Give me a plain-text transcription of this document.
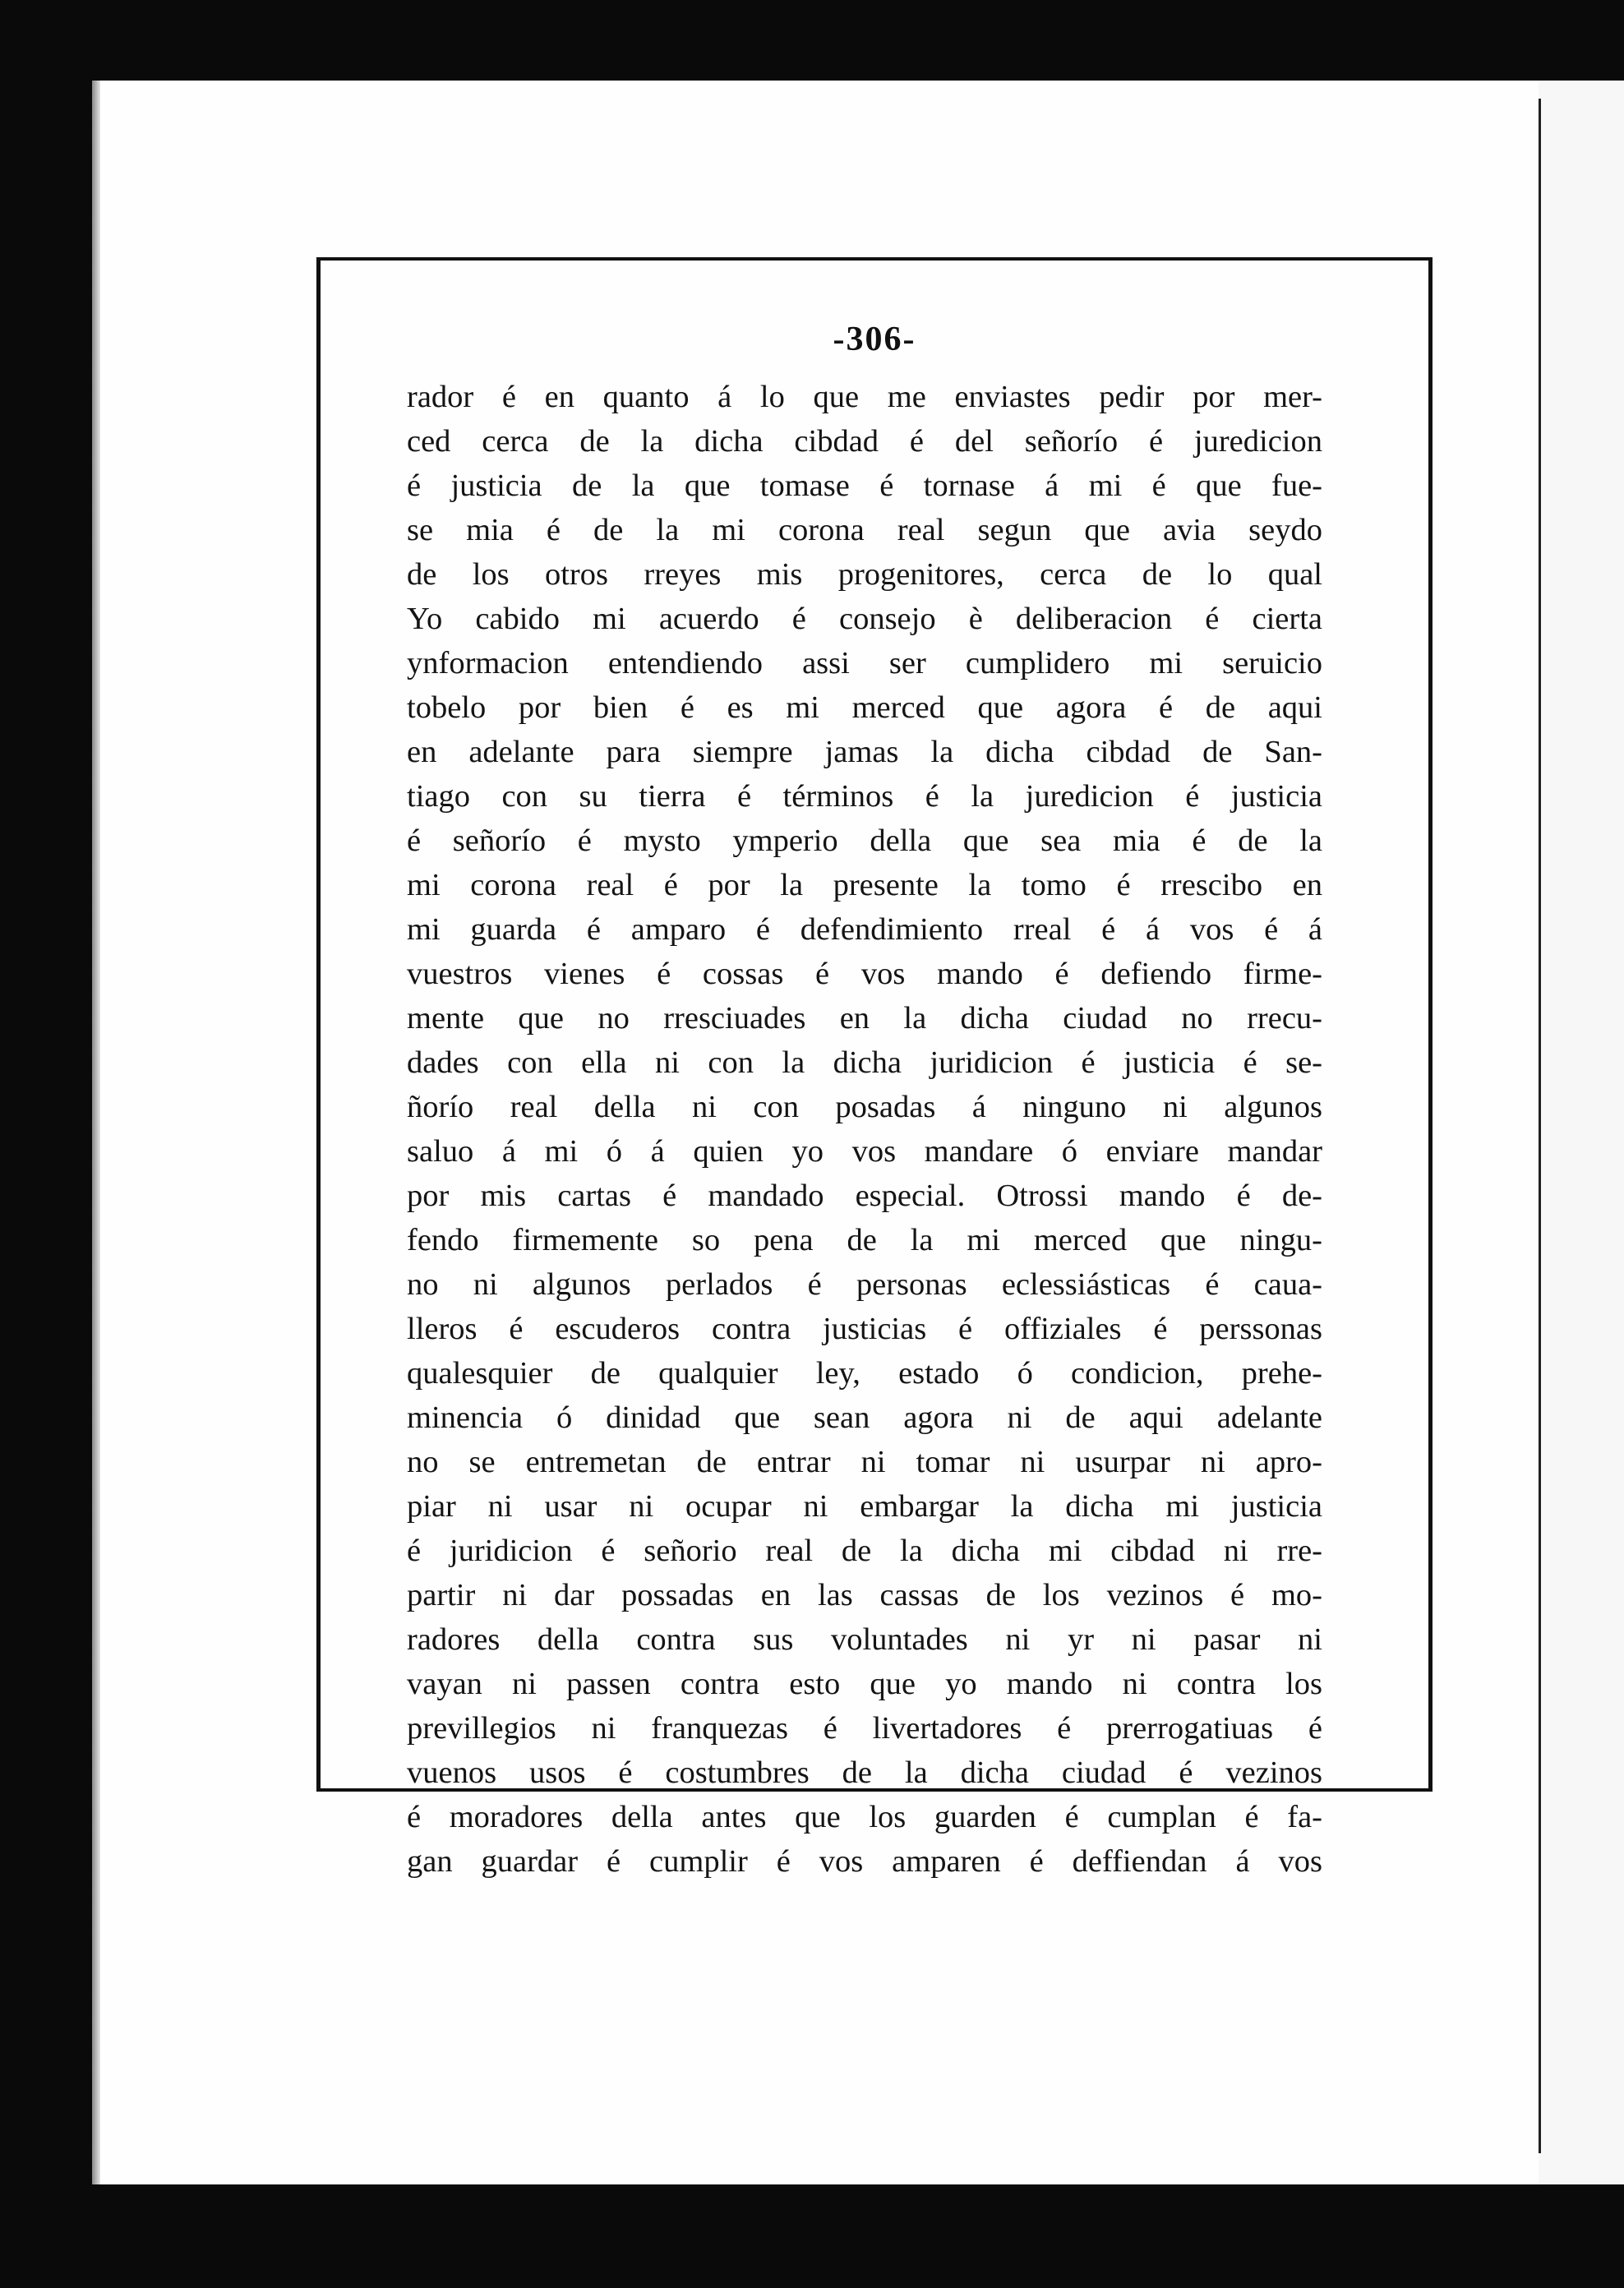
-306-
rador é en quanto á lo que me enviastes pedir por mer-
ced cerca de la dicha cibdad é del señorío é juredicion
é justicia de la que tomase é tornase á mi é que fue-
se mia é de la mi corona real segun que avia seydo
de los otros rreyes mis progenitores, cerca de lo qual
Yo cabido mi acuerdo é consejo è deliberacion é cierta
ynformacion entendiendo assi ser cumplidero mi seruicio
tobelo por bien é es mi merced que agora é de aqui
en adelante para siempre jamas la dicha cibdad de San-
tiago con su tierra é términos é la juredicion é justicia
é señorío é mysto ymperio della que sea mia é de la
mi corona real é por la presente la tomo é rrescibo en
mi guarda é amparo é defendimiento rreal é á vos é á
vuestros vienes é cossas é vos mando é defiendo firme-
mente que no rresciuades en la dicha ciudad no rrecu-
dades con ella ni con la dicha juridicion é justicia é se-
ñorío real della ni con posadas á ninguno ni algunos
saluo á mi ó á quien yo vos mandare ó enviare mandar
por mis cartas é mandado especial. Otrossi mando é de-
fendo firmemente so pena de la mi merced que ningu-
no ni algunos perlados é personas eclessiásticas é caua-
lleros é escuderos contra justicias é offiziales é perssonas
qualesquier de qualquier ley, estado ó condicion, prehe-
minencia ó dinidad que sean agora ni de aqui adelante
no se entremetan de entrar ni tomar ni usurpar ni apro-
piar ni usar ni ocupar ni embargar la dicha mi justicia
é juridicion é señorio real de la dicha mi cibdad ni rre-
partir ni dar possadas en las cassas de los vezinos é mo-
radores della contra sus voluntades ni yr ni pasar ni
vayan ni passen contra esto que yo mando ni contra los
previllegios ni franquezas é livertadores é prerrogatiuas é
vuenos usos é costumbres de la dicha ciudad é vezinos
é moradores della antes que los guarden é cumplan é fa-
gan guardar é cumplir é vos amparen é deffiendan á vos
